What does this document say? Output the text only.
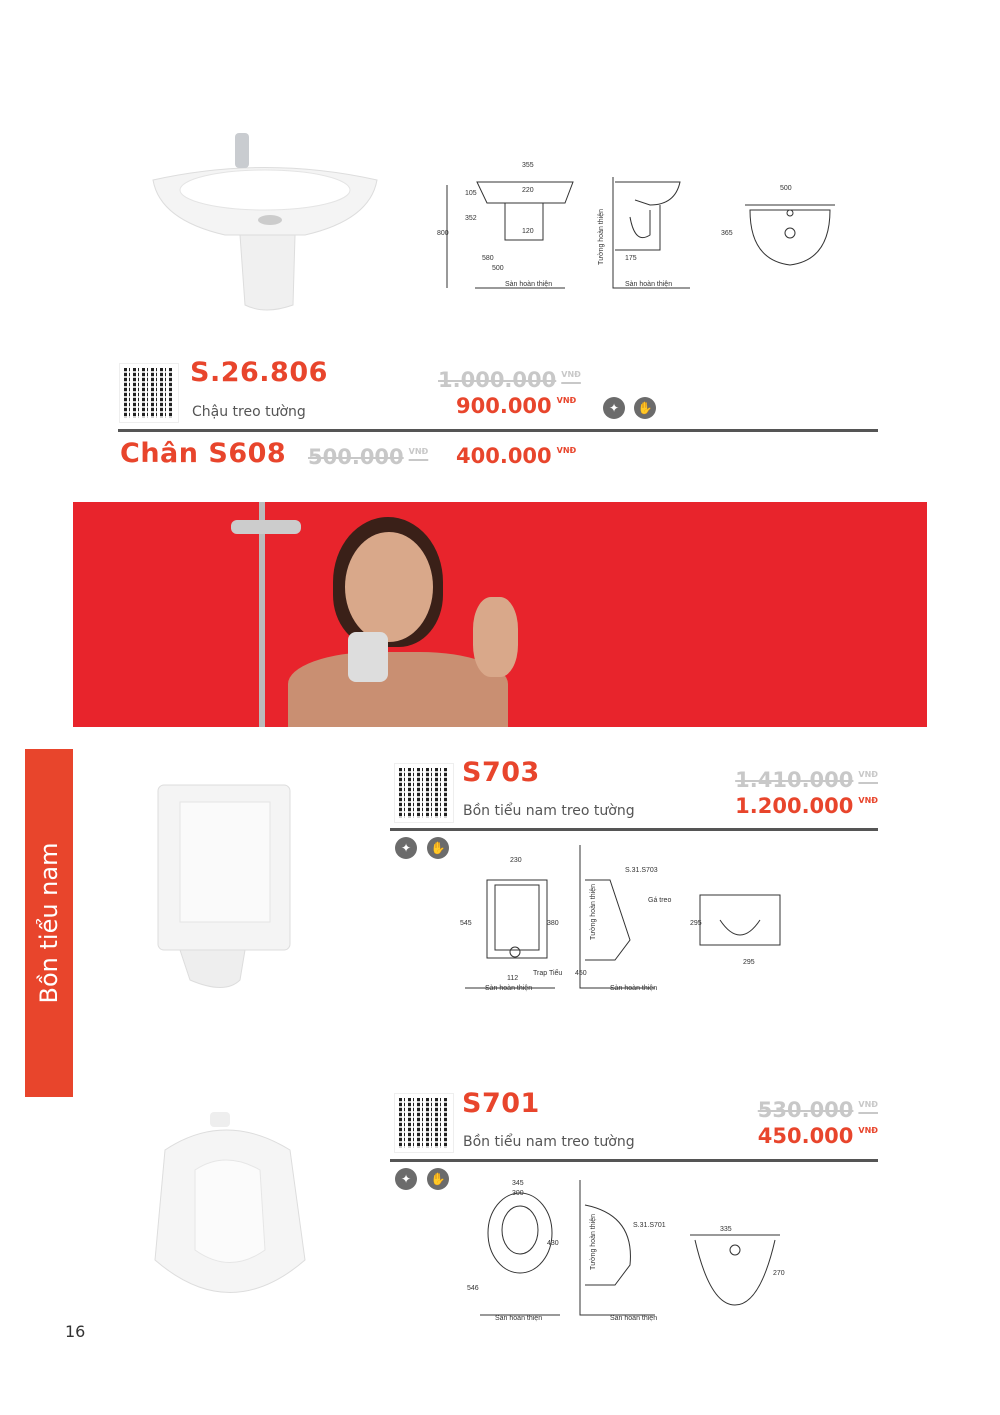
355
220
120
105
352
800
580
500
175
500
365
Sàn hoàn thiện	Sàn hoàn thiện
Tường hoàn thiện
S.26.806
Chậu treo tường
1.000.000 $^{VNĐ}$
900.000 $^{VNĐ}$
✦	✋
Chân S608 500.000 $^{VNĐ}$ 400.000 $^{VNĐ}$
Bồn tiểu nam
S703
Bồn tiểu nam treo tường
1.410.000 $^{VNĐ}$
1.200.000 $^{VNĐ}$
✦	✋
230
545	380
112
Trap Tiểu
Sàn hoàn thiện
S.31.S703
Gá treo
450
Sàn hoàn thiện
Tường hoàn thiện	295
295
S701
Bồn tiểu nam treo tường
530.000 $^{VNĐ}$
450.000 $^{VNĐ}$
✦	✋	345
300
430
546
Sàn hoàn thiện
S.31.S701
Sàn hoàn thiện
Tường hoàn thiện	335
270
16
